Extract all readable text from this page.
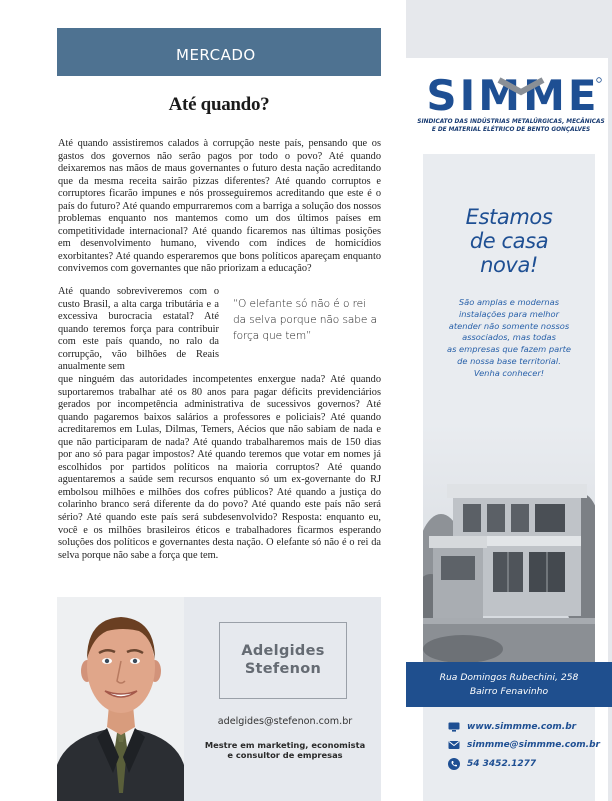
MERCADO
Até quando?

Até quando assistiremos calados à corrupção neste país, pensando que os gastos dos governos não serão pagos por todo o povo? Até quando deixaremos nas mãos de maus governantes o futuro desta nação acreditando que da mesma receita sairão pizzas diferentes? Até quando corruptos e corruptores ficarão impunes e nós prosseguiremos acreditando que este é o país do futuro? Até quando empurraremos com a barriga a solução dos nossos problemas enquanto nos mantemos como um dos últimos países em competitividade internacional? Até quando ficaremos nas últimas posições em desenvolvimento humano, vivendo com índices de homicídios exorbitantes? Até quando esperaremos que bons políticos apareçam enquanto convivemos com governantes que não priorizam a educação?

Até quando sobreviveremos com o custo Brasil, a alta carga tributária e a excessiva burocracia estatal? Até quando teremos força para contribuir com este país quando, no ralo da corrupção, vão bilhões de Reais anualmente sem

“O elefante só não é o rei da selva porque não sabe a força que tem”

que ninguém das autoridades incompetentes enxergue nada? Até quando suportaremos trabalhar até os 80 anos para pagar déficits previdenciários gerados por incompetência administrativa de sucessivos governos? Até quando pagaremos baixos salários a professores e policiais? Até quando acreditaremos em Lulas, Dilmas, Temers, Aécios que não sabiam de nada e que não participaram de nada? Até quando trabalharemos mais de 150 dias por ano só para pagar impostos? Até quando teremos que votar em nomes já escolhidos por partidos políticos na maioria corruptos? Até quando aguentaremos a saúde sem recursos enquanto só um ex-governante do RJ embolsou milhões e milhões dos cofres públicos? Até quando a justiça do colarinho branco será diferente da do povo? Até quando este país não será sério? Até quando este país será subdesenvolvido? Resposta: enquanto eu, você e os milhões brasileiros éticos e trabalhadores ficarmos esperando soluções dos políticos e governantes desta nação. O elefante só não é o rei da selva porque não sabe a força que tem.

Adelgides
Stefenon
adelgides@stefenon.com.br
Mestre em marketing, economista
e consultor de empresas
SIMME
SINDICATO DAS INDÚSTRIAS METALÚRGICAS, MECÂNICAS
E DE MATERIAL ELÉTRICO DE BENTO GONÇALVES
Estamos
de casa
nova!
São amplas e modernas
instalações para melhor
atender não somente nossos
associados, mas todas
as empresas que fazem parte
de nossa base territorial.
Venha conhecer!
Rua Domingos Rubechini, 258
Bairro Fenavinho
www.simmme.com.br
simmme@simmme.com.br
54 3452.1277
